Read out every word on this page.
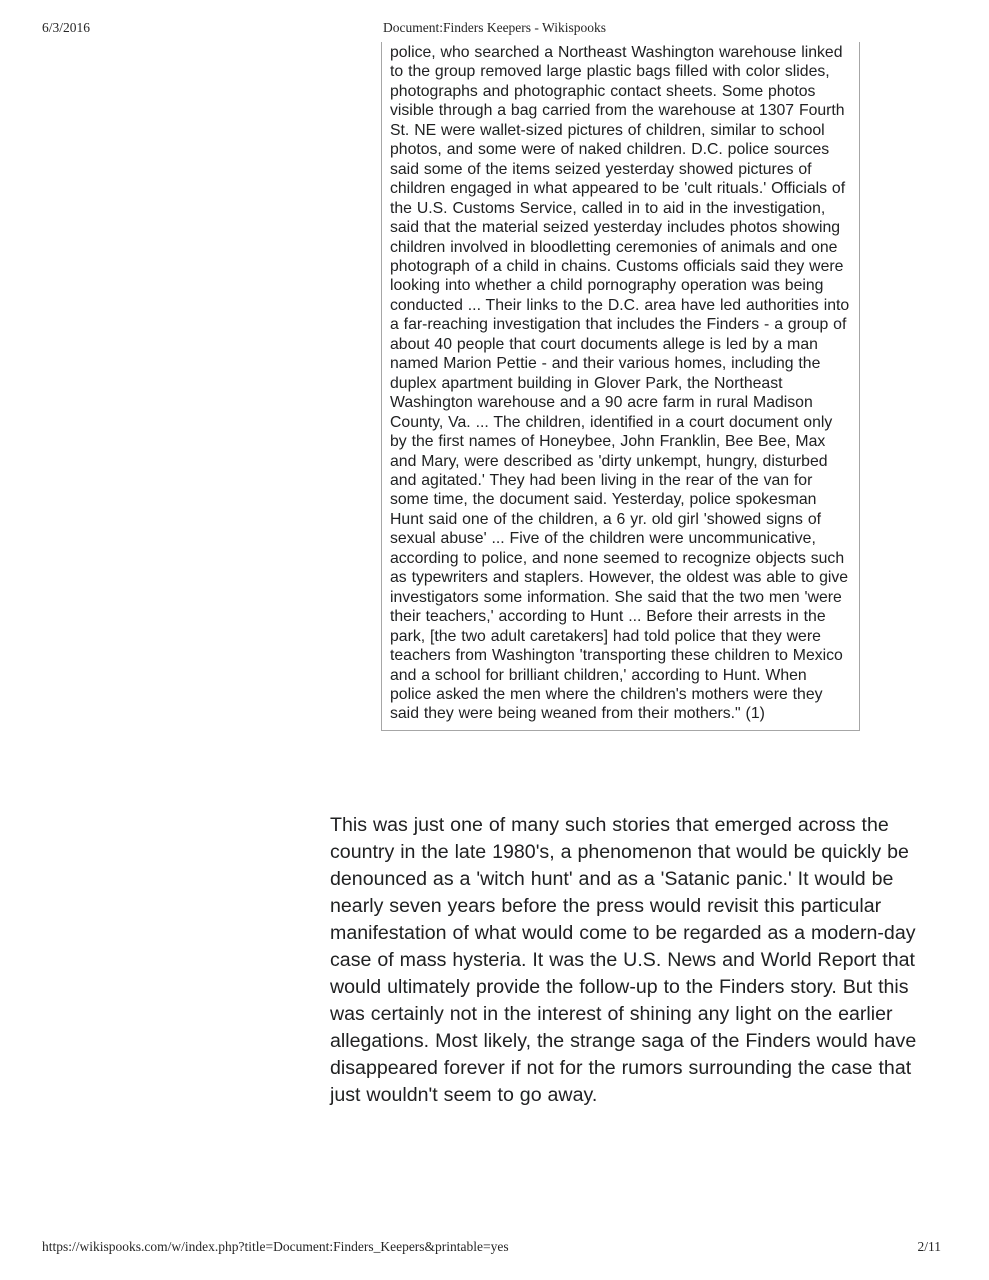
6/3/2016	Document:Finders Keepers - Wikispooks
police, who searched a Northeast Washington warehouse linked to the group removed large plastic bags filled with color slides, photographs and photographic contact sheets. Some photos visible through a bag carried from the warehouse at 1307 Fourth St. NE were wallet-sized pictures of children, similar to school photos, and some were of naked children. D.C. police sources said some of the items seized yesterday showed pictures of children engaged in what appeared to be 'cult rituals.' Officials of the U.S. Customs Service, called in to aid in the investigation, said that the material seized yesterday includes photos showing children involved in bloodletting ceremonies of animals and one photograph of a child in chains. Customs officials said they were looking into whether a child pornography operation was being conducted ... Their links to the D.C. area have led authorities into a far-reaching investigation that includes the Finders - a group of about 40 people that court documents allege is led by a man named Marion Pettie - and their various homes, including the duplex apartment building in Glover Park, the Northeast Washington warehouse and a 90 acre farm in rural Madison County, Va. ... The children, identified in a court document only by the first names of Honeybee, John Franklin, Bee Bee, Max and Mary, were described as 'dirty unkempt, hungry, disturbed and agitated.' They had been living in the rear of the van for some time, the document said. Yesterday, police spokesman Hunt said one of the children, a 6 yr. old girl 'showed signs of sexual abuse' ... Five of the children were uncommunicative, according to police, and none seemed to recognize objects such as typewriters and staplers. However, the oldest was able to give investigators some information. She said that the two men 'were their teachers,' according to Hunt ... Before their arrests in the park, [the two adult caretakers] had told police that they were teachers from Washington 'transporting these children to Mexico and a school for brilliant children,' according to Hunt. When police asked the men where the children's mothers were they said they were being weaned from their mothers." (1)
This was just one of many such stories that emerged across the country in the late 1980's, a phenomenon that would be quickly be denounced as a 'witch hunt' and as a 'Satanic panic.' It would be nearly seven years before the press would revisit this particular manifestation of what would come to be regarded as a modern-day case of mass hysteria. It was the U.S. News and World Report that would ultimately provide the follow-up to the Finders story. But this was certainly not in the interest of shining any light on the earlier allegations. Most likely, the strange saga of the Finders would have disappeared forever if not for the rumors surrounding the case that just wouldn't seem to go away.
https://wikispooks.com/w/index.php?title=Document:Finders_Keepers&printable=yes	2/11
